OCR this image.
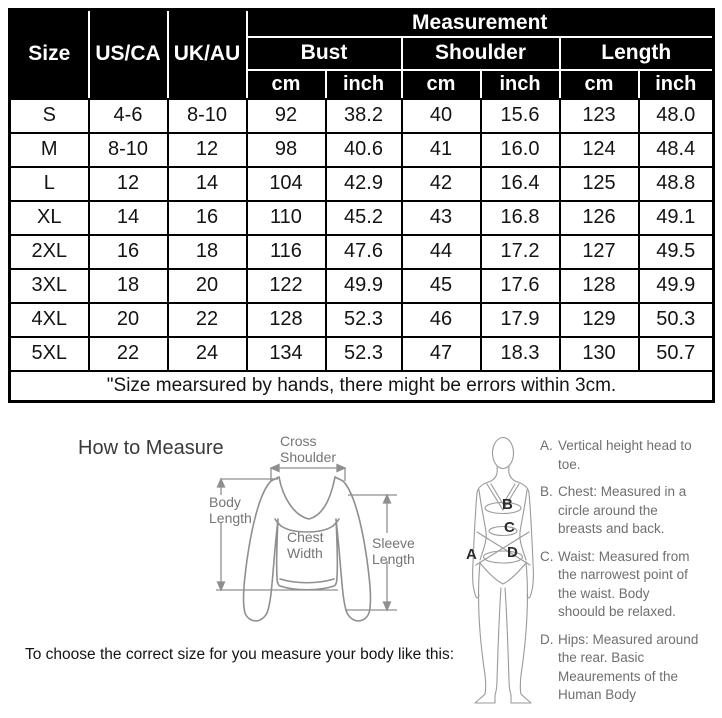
Size	US/CA	UK/AU	Measurement					
			Bust		Shoulder		Length	
			cm	inch	cm	inch	cm	inch
S	4-6	8-10	92	38.2	40	15.6	123	48.0
M	8-10	12	98	40.6	41	16.0	124	48.4
L	12	14	104	42.9	42	16.4	125	48.8
XL	14	16	110	45.2	43	16.8	126	49.1
2XL	16	18	116	47.6	44	17.2	127	49.5
3XL	18	20	122	49.9	45	17.6	128	49.9
4XL	20	22	128	52.3	46	17.9	129	50.3
5XL	22	24	134	52.3	47	18.3	130	50.7
"Size mearsured by hands, there might be errors within 3cm.								
How to Measure	Cross Shoulder
Body Length
Chest Width
Sleeve Length	A
B
C
D
A. Vertical height head to toe.
B. Chest: Measured in a circle around the breasts and back.
C. Waist: Measured from the narrowest point of the waist. Body shoould be relaxed.
D. Hips: Measured around the rear. Basic Meaurements of the Human Body
To choose the correct size for you measure your body like this:
